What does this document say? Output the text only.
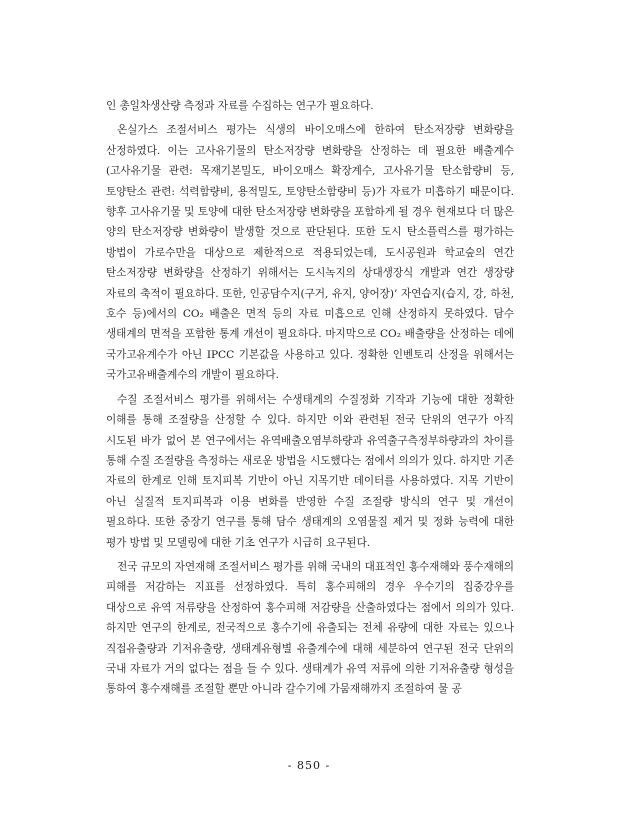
인 총일차생산량 측정과 자료를 수집하는 연구가 필요하다.

온실가스 조절서비스 평가는 식생의 바이오매스에 한하여 탄소저장량 변화량을 산정하였다. 이는 고사유기물의 탄소저장량 변화량을 산정하는 데 필요한 배출계수(고사유기물 관련: 목재기본밀도, 바이오매스 확장계수, 고사유기물 탄소함량비 등, 토양탄소 관련: 석력함량비, 용적밀도, 토양탄소함량비 등)가 자료가 미흡하기 때문이다. 향후 고사유기물 및 토양에 대한 탄소저장량 변화량을 포함하게 될 경우 현재보다 더 많은 양의 탄소저장량 변화량이 발생할 것으로 판단된다. 또한 도시 탄소플럭스를 평가하는 방법이 가로수만을 대상으로 제한적으로 적용되었는데, 도시공원과 학교숲의 연간 탄소저장량 변화량을 산정하기 위해서는 도시녹지의 상대생장식 개발과 연간 생장량 자료의 축적이 필요하다. 또한, 인공담수지(구거, 유지, 양어장)’ 자연습지(습지, 강, 하천, 호수 등)에서의 CO₂ 배출은 면적 등의 자료 미흡으로 인해 산정하지 못하였다. 담수 생태계의 면적을 포함한 통계 개선이 필요하다. 마지막으로 CO₂ 배출량을 산정하는 데에 국가고유계수가 아닌 IPCC 기본값을 사용하고 있다. 정확한 인벤토리 산정을 위해서는 국가고유배출계수의 개발이 필요하다.

수질 조절서비스 평가를 위해서는 수생태계의 수질정화 기작과 기능에 대한 정확한 이해를 통해 조절량을 산정할 수 있다. 하지만 이와 관련된 전국 단위의 연구가 아직 시도된 바가 없어 본 연구에서는 유역배출오염부하량과 유역출구측정부하량과의 차이를 통해 수질 조절량을 측정하는 새로운 방법을 시도했다는 점에서 의의가 있다. 하지만 기존 자료의 한계로 인해 토지피복 기반이 아닌 지목기반 데이터를 사용하였다. 지목 기반이 아닌 실질적 토지피복과 이용 변화를 반영한 수질 조절량 방식의 연구 및 개선이 필요하다. 또한 중장기 연구를 통해 담수 생태계의 오염물질 제거 및 정화 능력에 대한 평가 방법 및 모델링에 대한 기초 연구가 시급히 요구된다.

전국 규모의 자연재해 조절서비스 평가를 위해 국내의 대표적인 홍수재해와 풍수재해의 피해를 저감하는 지표를 선정하였다. 특히 홍수피해의 경우 우수기의 집중강우를 대상으로 유역 저류량을 산정하여 홍수피해 저감량을 산출하였다는 점에서 의의가 있다. 하지만 연구의 한계로, 전국적으로 홍수기에 유출되는 전체 유량에 대한 자료는 있으나 직접유출량과 기저유출량, 생태계유형별 유출계수에 대해 세분하여 연구된 전국 단위의 국내 자료가 거의 없다는 점을 들 수 있다. 생태계가 유역 저류에 의한 기저유출량 형성을 통하여 홍수재해를 조절할 뿐만 아니라 갈수기에 가뭄재해까지 조절하여 물 공

- 850 -
